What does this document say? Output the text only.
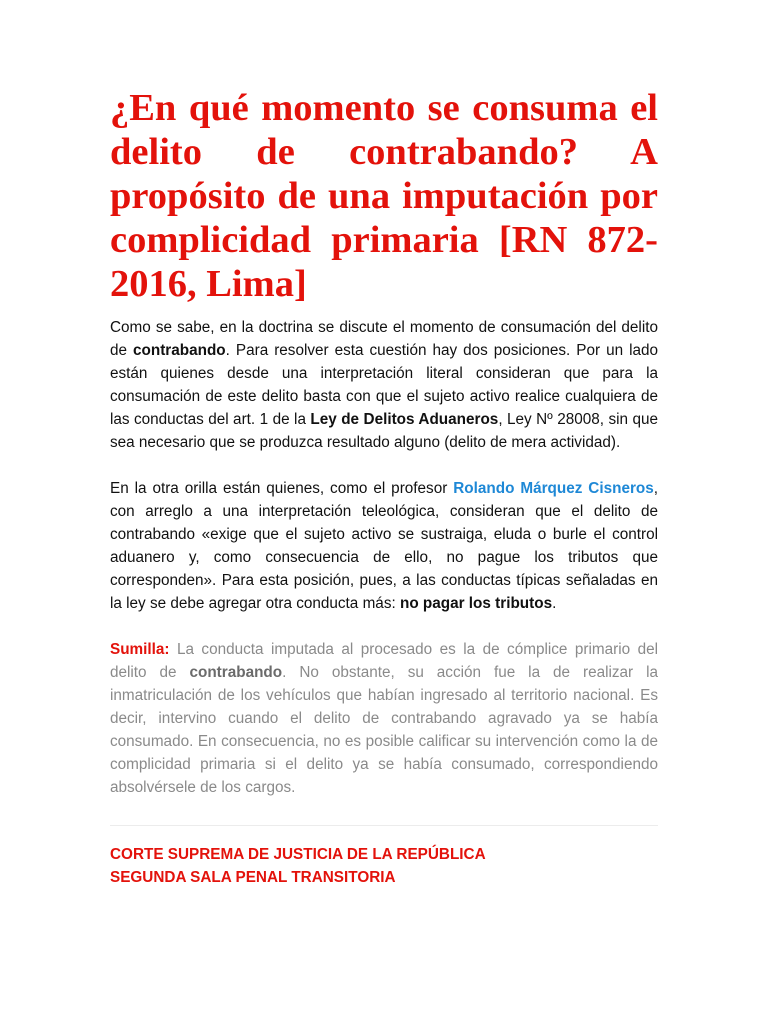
¿En qué momento se consuma el delito de contrabando? A propósito de una imputación por complicidad primaria [RN 872-2016, Lima]

Como se sabe, en la doctrina se discute el momento de consumación del delito de contrabando. Para resolver esta cuestión hay dos posiciones. Por un lado están quienes desde una interpretación literal consideran que para la consumación de este delito basta con que el sujeto activo realice cualquiera de las conductas del art. 1 de la Ley de Delitos Aduaneros, Ley Nº 28008, sin que sea necesario que se produzca resultado alguno (delito de mera actividad).

En la otra orilla están quienes, como el profesor Rolando Márquez Cisneros, con arreglo a una interpretación teleológica, consideran que el delito de contrabando «exige que el sujeto activo se sustraiga, eluda o burle el control aduanero y, como consecuencia de ello, no pague los tributos que corresponden». Para esta posición, pues, a las conductas típicas señaladas en la ley se debe agregar otra conducta más: no pagar los tributos.

Sumilla: La conducta imputada al procesado es la de cómplice primario del delito de contrabando. No obstante, su acción fue la de realizar la inmatriculación de los vehículos que habían ingresado al territorio nacional. Es decir, intervino cuando el delito de contrabando agravado ya se había consumado. En consecuencia, no es posible calificar su intervención como la de complicidad primaria si el delito ya se había consumado, correspondiendo absolvérsele de los cargos.

CORTE SUPREMA DE JUSTICIA DE LA REPÚBLICA
SEGUNDA SALA PENAL TRANSITORIA
